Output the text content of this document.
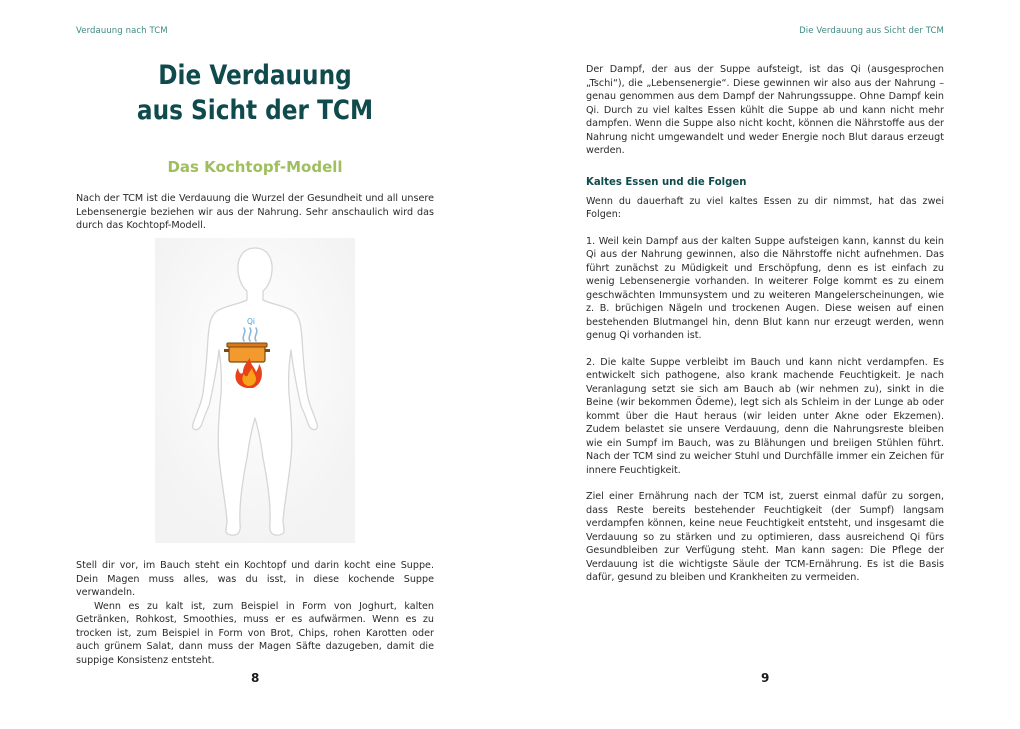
Verdauung nach TCM
Die Verdauung
aus Sicht der TCM
Das Kochtopf-Modell

Nach der TCM ist die Verdauung die Wurzel der Gesundheit und all unsere Lebensenergie beziehen wir aus der Nahrung. Sehr anschaulich wird das durch das Kochtopf-Modell.

Qi

Stell dir vor, im Bauch steht ein Kochtopf und darin kocht eine Suppe. Dein Magen muss alles, was du isst, in diese kochende Suppe verwandeln.

Wenn es zu kalt ist, zum Beispiel in Form von Joghurt, kalten Getränken, Rohkost, Smoothies, muss er es aufwärmen. Wenn es zu trocken ist, zum Beispiel in Form von Brot, Chips, rohen Karotten oder auch grünem Salat, dann muss der Magen Säfte dazugeben, damit die suppige Konsistenz entsteht.

8
Die Verdauung aus Sicht der TCM

Der Dampf, der aus der Suppe aufsteigt, ist das Qi (ausgesprochen „Tschi“), die „Lebensenergie“. Diese gewinnen wir also aus der Nahrung – genau genommen aus dem Dampf der Nahrungssuppe. Ohne Dampf kein Qi. Durch zu viel kaltes Essen kühlt die Suppe ab und kann nicht mehr dampfen. Wenn die Suppe also nicht kocht, können die Nährstoffe aus der Nahrung nicht umgewandelt und weder Energie noch Blut daraus erzeugt werden.

Kaltes Essen und die Folgen

Wenn du dauerhaft zu viel kaltes Essen zu dir nimmst, hat das zwei Folgen:

1. Weil kein Dampf aus der kalten Suppe aufsteigen kann, kannst du kein Qi aus der Nahrung gewinnen, also die Nährstoffe nicht aufnehmen. Das führt zunächst zu Müdigkeit und Erschöpfung, denn es ist einfach zu wenig Lebensenergie vorhanden. In weiterer Folge kommt es zu einem geschwächten Immunsystem und zu weiteren Mangelerscheinungen, wie z. B. brüchigen Nägeln und trockenen Augen. Diese weisen auf einen bestehenden Blutmangel hin, denn Blut kann nur erzeugt werden, wenn genug Qi vorhanden ist.

2. Die kalte Suppe verbleibt im Bauch und kann nicht verdampfen. Es entwickelt sich pathogene, also krank machende Feuchtigkeit. Je nach Veranlagung setzt sie sich am Bauch ab (wir nehmen zu), sinkt in die Beine (wir bekommen Ödeme), legt sich als Schleim in der Lunge ab oder kommt über die Haut heraus (wir leiden unter Akne oder Ekzemen). Zudem belastet sie unsere Verdauung, denn die Nahrungsreste bleiben wie ein Sumpf im Bauch, was zu Blähungen und breiigen Stühlen führt. Nach der TCM sind zu weicher Stuhl und Durchfälle immer ein Zeichen für innere Feuchtigkeit.

Ziel einer Ernährung nach der TCM ist, zuerst einmal dafür zu sorgen, dass Reste bereits bestehender Feuchtigkeit (der Sumpf) langsam verdampfen können, keine neue Feuchtigkeit entsteht, und insgesamt die Verdauung so zu stärken und zu optimieren, dass ausreichend Qi fürs Gesundbleiben zur Verfügung steht. Man kann sagen: Die Pflege der Verdauung ist die wichtigste Säule der TCM-Ernährung. Es ist die Basis dafür, gesund zu bleiben und Krankheiten zu vermeiden.

9
